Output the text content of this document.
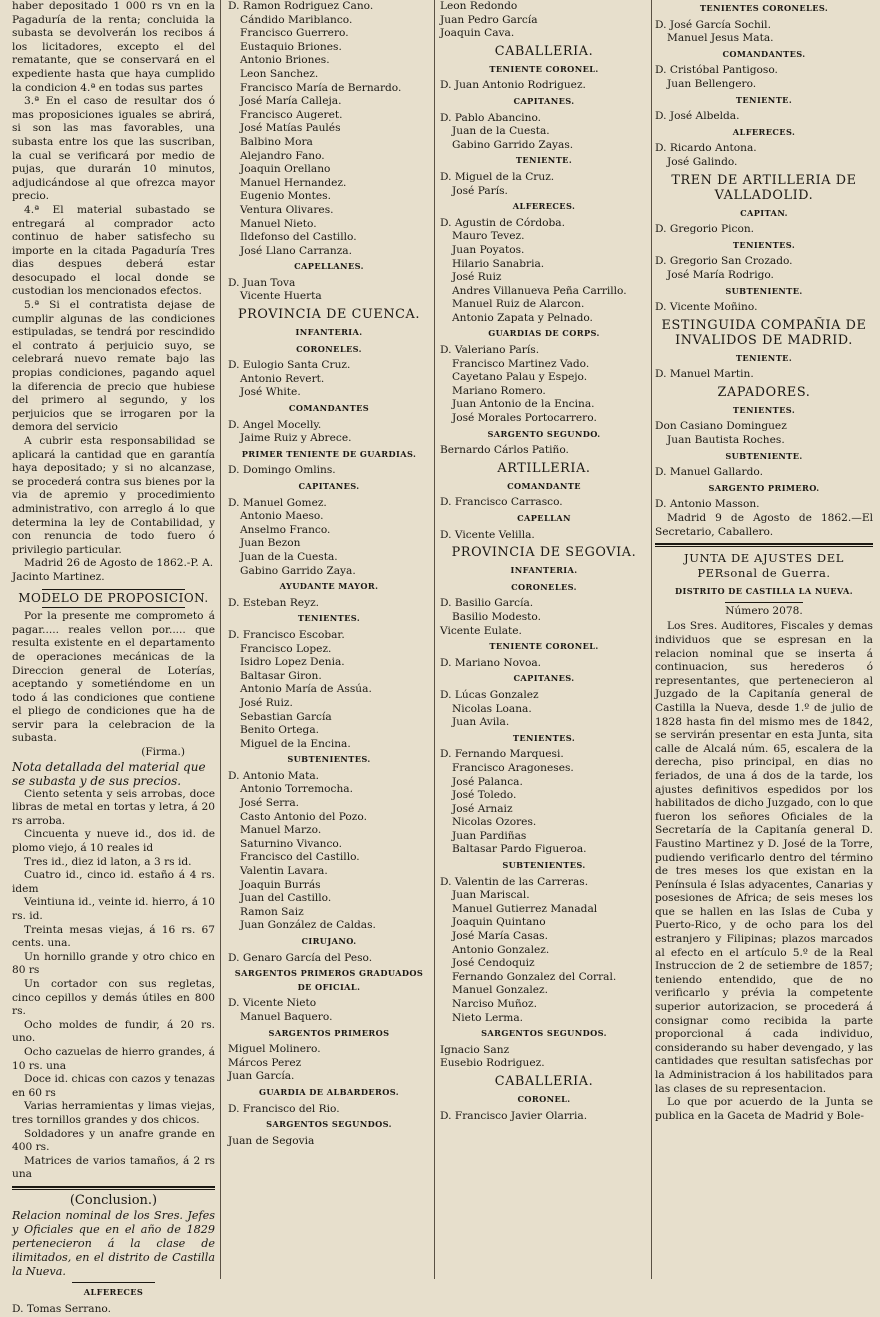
haber depositado 1 000 rs vn en la Pagaduría de la renta; concluida la subasta se devolverán los recibos á los licitadores, excepto el del rematante, que se conservará en el expediente hasta que haya cumplido la condicion 4.ª en todas sus partes

3.ª En el caso de resultar dos ó mas proposiciones iguales se abrirá, si son las mas favorables, una subasta entre los que las suscriban, la cual se verificará por medio de pujas, que durarán 10 minutos, adjudicándose al que ofrezca mayor precio.

4.ª El material subastado se entregará al comprador acto continuo de haber satisfecho su importe en la citada Pagaduría Tres dias despues deberá estar desocupado el local donde se custodian los mencionados efectos.

5.ª Si el contratista dejase de cumplir algunas de las condiciones estipuladas, se tendrá por rescindido el contrato á perjuicio suyo, se celebrará nuevo remate bajo las propias condiciones, pagando aquel la diferencia de precio que hubiese del primero al segundo, y los perjuicios que se irrogaren por la demora del servicio

A cubrir esta responsabilidad se aplicará la cantidad que en garantía haya depositado; y si no alcanzase, se procederá contra sus bienes por la via de apremio y procedimiento administrativo, con arreglo á lo que determina la ley de Contabilidad, y con renuncia de todo fuero ó privilegio particular.

Madrid 26 de Agosto de 1862.-P. A. Jacinto Martinez.

MODELO DE PROPOSICION.

Por la presente me comprometo á pagar..... reales vellon por..... que resulta existente en el departamento de operaciones mecánicas de la Direccion general de Loterías, aceptando y sometiéndome en un todo á las condiciones que contiene el pliego de condiciones que ha de servir para la celebracion de la subasta.

(Firma.)

Nota detallada del material que se subasta y de sus precios.

Ciento setenta y seis arrobas, doce libras de metal en tortas y letra, á 20 rs arroba.

Cincuenta y nueve id., dos id. de plomo viejo, á 10 reales id

Tres id., diez id laton, a 3 rs id.

Cuatro id., cinco id. estaño á 4 rs. idem

Veintiuna id., veinte id. hierro, á 10 rs. id.

Treinta mesas viejas, á 16 rs. 67 cents. una.

Un hornillo grande y otro chico en 80 rs

Un cortador con sus regletas, cinco cepillos y demás útiles en 800 rs.

Ocho moldes de fundir, á 20 rs. uno.

Ocho cazuelas de hierro grandes, á 10 rs. una

Doce id. chicas con cazos y tenazas en 60 rs

Varias herramientas y limas viejas, tres tornillos grandes y dos chicos.

Soldadores y un anafre grande en 400 rs.

Matrices de varios tamaños, á 2 rs una

(Conclusion.)

Relacion nominal de los Sres. Jefes y Oficiales que en el año de 1829 pertenecieron á la clase de ilimitados, en el distrito de Castilla la Nueva.

ALFERECES

D. Tomas Serrano.

D. Ramon Rodriguez Cano.

Cándido Mariblanco.

Francisco Guerrero.

Eustaquio Briones.

Antonio Briones.

Leon Sanchez.

Francisco María de Bernardo.

José María Calleja.

Francisco Augeret.

José Matías Paulés

Balbino Mora

Alejandro Fano.

Joaquin Orellano

Manuel Hernandez.

Eugenio Montes.

Ventura Olivares.

Manuel Nieto.

Ildefonso del Castillo.

José Llano Carranza.

CAPELLANES.

D. Juan Tova

Vicente Huerta

PROVINCIA DE CUENCA.

INFANTERIA.

CORONELES.

D. Eulogio Santa Cruz.

Antonio Revert.

José White.

COMANDANTES

D. Angel Mocelly.

Jaime Ruiz y Abrece.

PRIMER TENIENTE DE GUARDIAS.

D. Domingo Omlins.

CAPITANES.

D. Manuel Gomez.

Antonio Maeso.

Anselmo Franco.

Juan Bezon

Juan de la Cuesta.

Gabino Garrido Zaya.

AYUDANTE MAYOR.

D. Esteban Reyz.

TENIENTES.

D. Francisco Escobar.

Francisco Lopez.

Isidro Lopez Denia.

Baltasar Giron.

Antonio María de Assúa.

José Ruiz.

Sebastian García

Benito Ortega.

Miguel de la Encina.

SUBTENIENTES.

D. Antonio Mata.

Antonio Torremocha.

José Serra.

Casto Antonio del Pozo.

Manuel Marzo.

Saturnino Vivanco.

Francisco del Castillo.

Valentin Lavara.

Joaquin Burrás

Juan del Castillo.

Ramon Saiz

Juan González de Caldas.

CIRUJANO.

D. Genaro García del Peso.

SARGENTOS PRIMEROS GRADUADOS DE OFICIAL.

D. Vicente Nieto

Manuel Baquero.

SARGENTOS PRIMEROS

Miguel Molinero.

Márcos Perez

Juan García.

GUARDIA DE ALBARDEROS.

D. Francisco del Rio.

SARGENTOS SEGUNDOS.

Juan de Segovia

Leon Redondo

Juan Pedro García

Joaquin Cava.

CABALLERIA.

TENIENTE CORONEL.

D. Juan Antonio Rodriguez.

CAPITANES.

D. Pablo Abancino.

Juan de la Cuesta.

Gabino Garrido Zayas.

TENIENTE.

D. Miguel de la Cruz.

José París.

ALFERECES.

D. Agustin de Córdoba.

Mauro Tevez.

Juan Poyatos.

Hilario Sanabria.

José Ruiz

Andres Villanueva Peña Carrillo.

Manuel Ruiz de Alarcon.

Antonio Zapata y Pelnado.

GUARDIAS DE CORPS.

D. Valeriano París.

Francisco Martinez Vado.

Cayetano Palau y Espejo.

Mariano Romero.

Juan Antonio de la Encina.

José Morales Portocarrero.

SARGENTO SEGUNDO.

Bernardo Cárlos Patiño.

ARTILLERIA.

COMANDANTE

D. Francisco Carrasco.

CAPELLAN

D. Vicente Velilla.

PROVINCIA DE SEGOVIA.

INFANTERIA.

CORONELES.

D. Basilio García.

Basilio Modesto.

Vicente Eulate.

TENIENTE CORONEL.

D. Mariano Novoa.

CAPITANES.

D. Lúcas Gonzalez

Nicolas Loana.

Juan Avila.

TENIENTES.

D. Fernando Marquesi.

Francisco Aragoneses.

José Palanca.

José Toledo.

José Arnaiz

Nicolas Ozores.

Juan Pardiñas

Baltasar Pardo Figueroa.

SUBTENIENTES.

D. Valentin de las Carreras.

Juan Mariscal.

Manuel Gutierrez Manadal

Joaquin Quintano

José María Casas.

Antonio Gonzalez.

José Cendoquiz

Fernando Gonzalez del Corral.

Manuel Gonzalez.

Narciso Muñoz.

Nieto Lerma.

SARGENTOS SEGUNDOS.

Ignacio Sanz

Eusebio Rodriguez.

CABALLERIA.

CORONEL.

D. Francisco Javier Olarria.

TENIENTES CORONELES.

D. José García Sochil.

Manuel Jesus Mata.

COMANDANTES.

D. Cristóbal Pantigoso.

Juan Bellengero.

TENIENTE.

D. José Albelda.

ALFERECES.

D. Ricardo Antona.

José Galindo.

TREN DE ARTILLERIA DE VALLADOLID.

CAPITAN.

D. Gregorio Picon.

TENIENTES.

D. Gregorio San Crozado.

José María Rodrigo.

SUBTENIENTE.

D. Vicente Moñino.

ESTINGUIDA COMPAÑIA DE INVALIDOS DE MADRID.

TENIENTE.

D. Manuel Martin.

ZAPADORES.

TENIENTES.

Don Casiano Dominguez

Juan Bautista Roches.

SUBTENIENTE.

D. Manuel Gallardo.

SARGENTO PRIMERO.

D. Antonio Masson.

Madrid 9 de Agosto de 1862.—El Secretario, Caballero.

JUNTA DE AJUSTES DEL PERsonal de Guerra.

DISTRITO DE CASTILLA LA NUEVA.

Número 2078.

Los Sres. Auditores, Fiscales y demas individuos que se espresan en la relacion nominal que se inserta á continuacion, sus herederos ó representantes, que pertenecieron al Juzgado de la Capitanía general de Castilla la Nueva, desde 1.º de julio de 1828 hasta fin del mismo mes de 1842, se servirán presentar en esta Junta, sita calle de Alcalá núm. 65, escalera de la derecha, piso principal, en dias no feriados, de una á dos de la tarde, los ajustes definitivos espedidos por los habilitados de dicho Juzgado, con lo que fueron los señores Oficiales de la Secretaría de la Capitanía general D. Faustino Martinez y D. José de la Torre, pudiendo verificarlo dentro del término de tres meses los que existan en la Península é Islas adyacentes, Canarias y posesiones de Africa; de seis meses los que se hallen en las Islas de Cuba y Puerto-Rico, y de ocho para los del estranjero y Filipinas; plazos marcados al efecto en el artículo 5.º de la Real Instruccion de 2 de setiembre de 1857; teniendo entendido, que de no verificarlo y prévia la competente superior autorizacion, se procederá á consignar como recibida la parte proporcional á cada individuo, considerando su haber devengado, y las cantidades que resultan satisfechas por la Administracion á los habilitados para las clases de su representacion.

Lo que por acuerdo de la Junta se publica en la Gaceta de Madrid y Bole-
